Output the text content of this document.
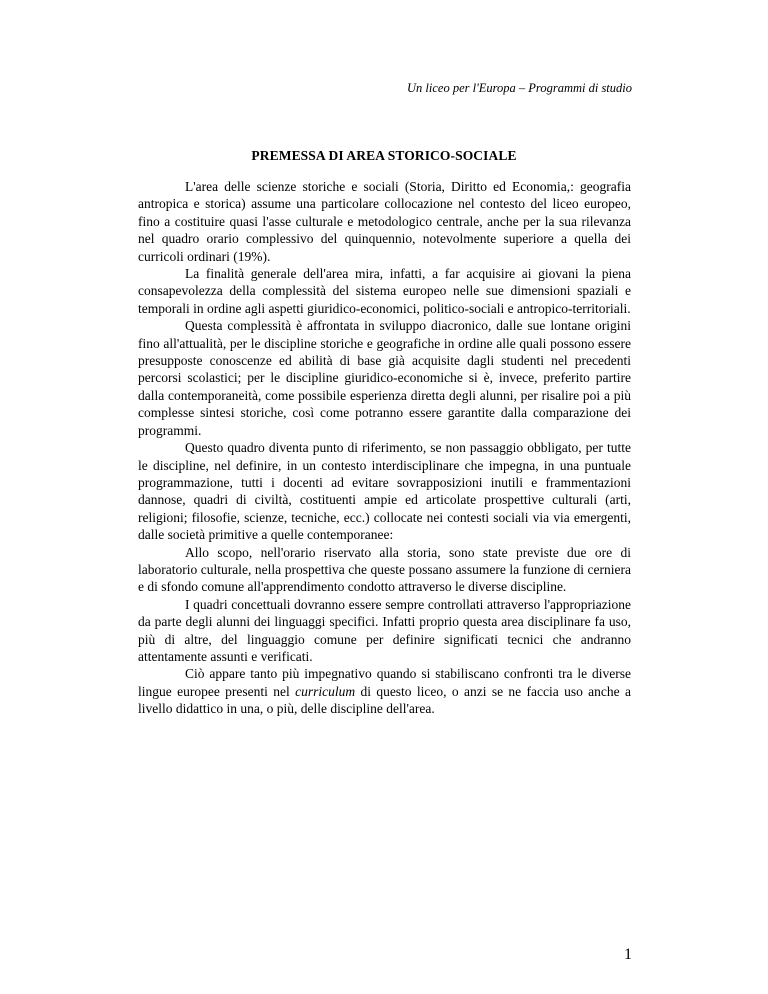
Un liceo per l'Europa – Programmi di studio
PREMESSA DI AREA STORICO-SOCIALE

L'area delle scienze storiche e sociali (Storia, Diritto ed Economia,: geografia antropica e storica) assume una particolare collocazione nel contesto del liceo europeo, fino a costituire quasi l'asse culturale e metodologico centrale, anche per la sua rilevanza nel quadro orario complessivo del quinquennio, notevolmente superiore a quella dei curricoli ordinari (19%).

La finalità generale dell'area mira, infatti, a far acquisire ai giovani la piena consapevolezza della complessità del sistema europeo nelle sue dimensioni spaziali e temporali in ordine agli aspetti giuridico-economici, politico-sociali e antropico-territoriali.

Questa complessità è affrontata in sviluppo diacronico, dalle sue lontane origini fino all'attualità, per le discipline storiche e geografiche in ordine alle quali possono essere presupposte conoscenze ed abilità di base già acquisite dagli studenti nel precedenti percorsi scolastici; per le discipline giuridico-economiche si è, invece, preferito partire dalla contemporaneità, come possibile esperienza diretta degli alunni, per risalire poi a più complesse sintesi storiche, così come potranno essere garantite dalla comparazione dei programmi.

Questo quadro diventa punto di riferimento, se non passaggio obbligato, per tutte le discipline, nel definire, in un contesto interdisciplinare che impegna, in una puntuale programmazione, tutti i docenti ad evitare sovrapposizioni inutili e frammentazioni dannose, quadri di civiltà, costituenti ampie ed articolate prospettive culturali (arti, religioni; filosofie, scienze, tecniche, ecc.) collocate nei contesti sociali via via emergenti, dalle società primitive a quelle contemporanee:

Allo scopo, nell'orario riservato alla storia, sono state previste due ore di laboratorio culturale, nella prospettiva che queste possano assumere la funzione di cerniera e di sfondo comune all'apprendimento condotto attraverso le diverse discipline.

I quadri concettuali dovranno essere sempre controllati attraverso l'appropriazione da parte degli alunni dei linguaggi specifici. Infatti proprio questa area disciplinare fa uso, più di altre, del linguaggio comune per definire significati tecnici che andranno attentamente assunti e verificati.

Ciò appare tanto più impegnativo quando si stabiliscano confronti tra le diverse lingue europee presenti nel curriculum di questo liceo, o anzi se ne faccia uso anche a livello didattico in una, o più, delle discipline dell'area.

1
